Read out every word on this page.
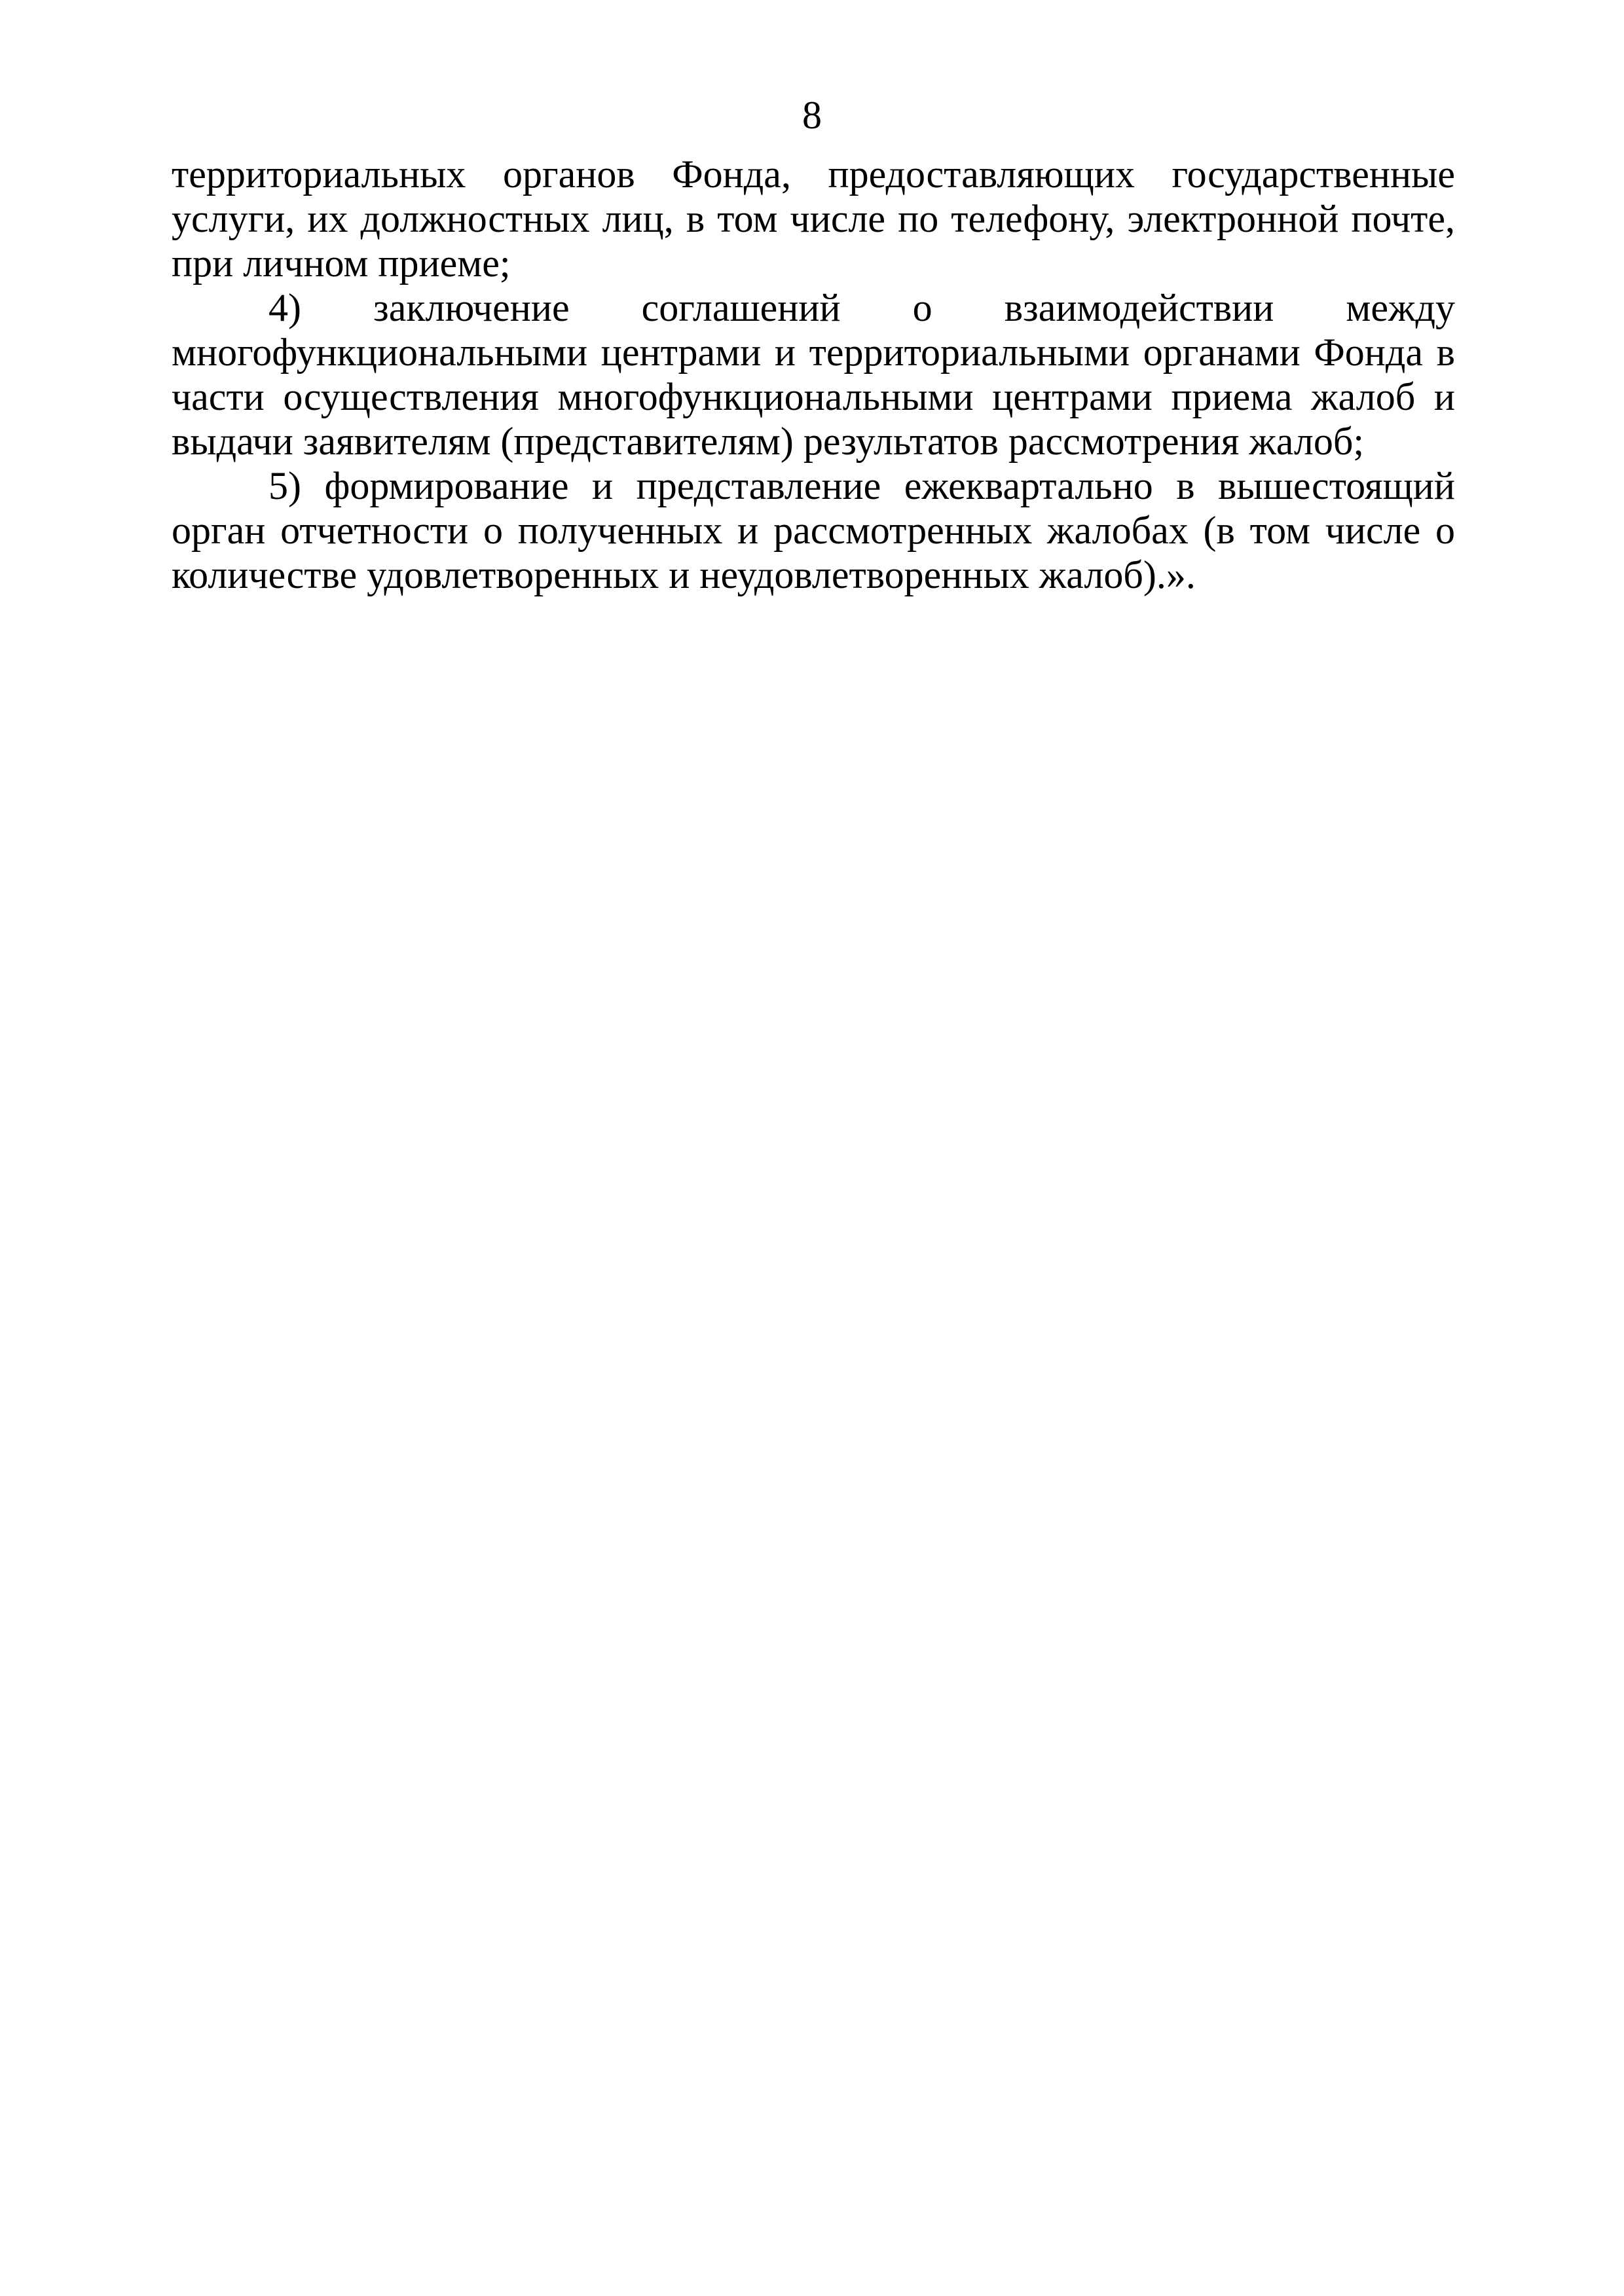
8

территориальных органов Фонда, предоставляющих государственные услуги, их должностных лиц, в том числе по телефону, электронной почте, при личном приеме;

4) заключение соглашений о взаимодействии между многофункциональными центрами и территориальными органами Фонда в части осуществления многофункциональными центрами приема жалоб и выдачи заявителям (представителям) результатов рассмотрения жалоб;

5) формирование и представление ежеквартально в вышестоящий орган отчетности о полученных и рассмотренных жалобах (в том числе о количестве удовлетворенных и неудовлетворенных жалоб).».
